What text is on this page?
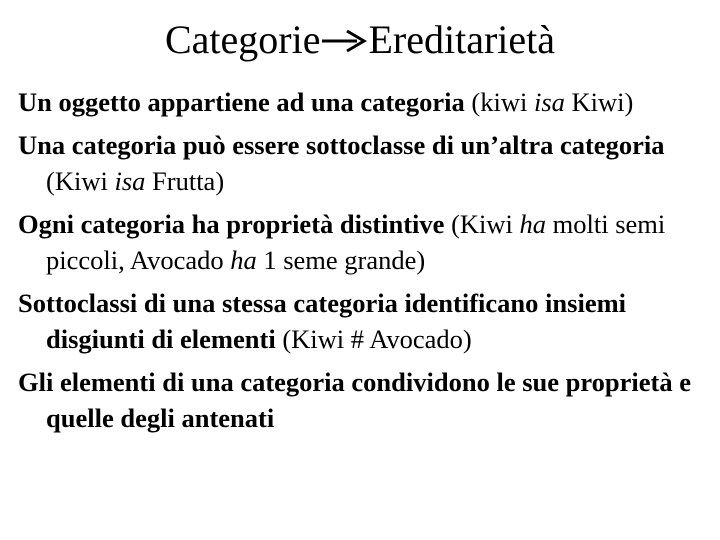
Categorie Ereditarietà
Un oggetto appartiene ad una categoria (kiwi isa Kiwi)
Una categoria può essere sottoclasse di un’altra categoria (Kiwi isa Frutta)
Ogni categoria ha proprietà distintive (Kiwi ha molti semi piccoli, Avocado ha 1 seme grande)
Sottoclassi di una stessa categoria identificano insiemi disgiunti di elementi (Kiwi # Avocado)
Gli elementi di una categoria condividono le sue proprietà e quelle degli antenati
